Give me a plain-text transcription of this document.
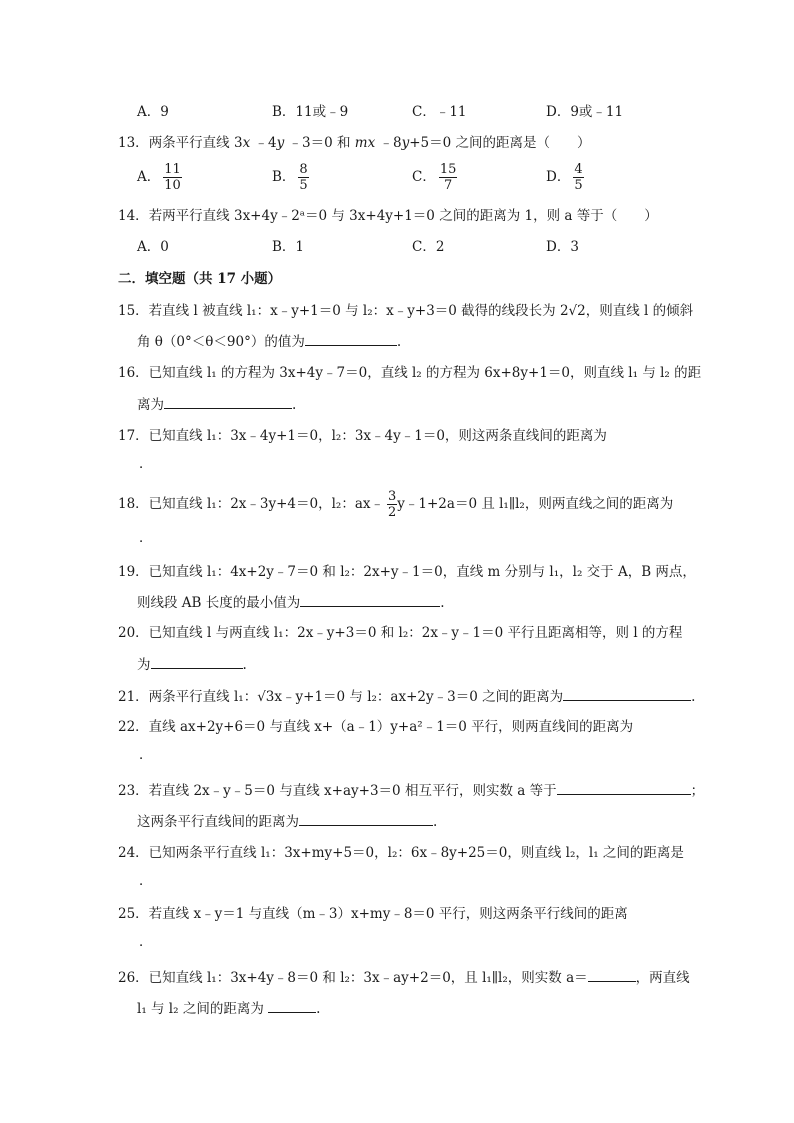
A．9	B．11或﹣9	C．﹣11	D．9或﹣11
13．两条平行直线 3x ﹣4y ﹣3＝0 和 mx ﹣8y+5＝0 之间的距离是（　　）
A． $\frac{11}{10}$	B． $\frac{8}{5}$	C． $\frac{15}{7}$	D． $\frac{4}{5}$
14．若两平行直线 3x+4y﹣2ᵃ＝0 与 3x+4y+1＝0 之间的距离为 1，则 a 等于（　　）
A．0	B．1	C．2	D．3
二．填空题（共 17 小题）
15．若直线 l 被直线 l₁：x﹣y+1＝0 与 l₂：x﹣y+3＝0 截得的线段长为 2√2，则直线 l 的倾斜
角 θ（0°＜θ＜90°）的值为	.
16．已知直线 l₁ 的方程为 3x+4y﹣7＝0，直线 l₂ 的方程为 6x+8y+1＝0，则直线 l₁ 与 l₂ 的距
离为	.
17．已知直线 l₁：3x﹣4y+1＝0，l₂：3x﹣4y﹣1＝0，则这两条直线间的距离为
．
18．已知直线 l₁：2x﹣3y+4＝0，l₂：ax﹣ $\frac{3}{2}$ y﹣1+2a＝0 且 l₁∥l₂，则两直线之间的距离为
．
19．已知直线 l₁：4x+2y﹣7＝0 和 l₂：2x+y﹣1＝0，直线 m 分别与 l₁，l₂ 交于 A，B 两点，
则线段 AB 长度的最小值为	.
20．已知直线 l 与两直线 l₁：2x﹣y+3＝0 和 l₂：2x﹣y﹣1＝0 平行且距离相等，则 l 的方程
为	.
21．两条平行直线 l₁：√3x﹣y+1＝0 与 l₂：ax+2y﹣3＝0 之间的距离为	.
22．直线 ax+2y+6＝0 与直线 x+（a﹣1）y+a²﹣1＝0 平行，则两直线间的距离为
．
23．若直线 2x﹣y﹣5＝0 与直线 x+ay+3＝0 相互平行，则实数 a 等于	；
这两条平行直线间的距离为	.
24．已知两条平行直线 l₁：3x+my+5＝0，l₂：6x﹣8y+25＝0，则直线 l₂，l₁ 之间的距离是
．
25．若直线 x﹣y＝1 与直线（m﹣3）x+my﹣8＝0 平行，则这两条平行线间的距离
．
26．已知直线 l₁：3x+4y﹣8＝0 和 l₂：3x﹣ay+2＝0，且 l₁∥l₂，则实数 a＝	，两直线
l₁ 与 l₂ 之间的距离为	.
